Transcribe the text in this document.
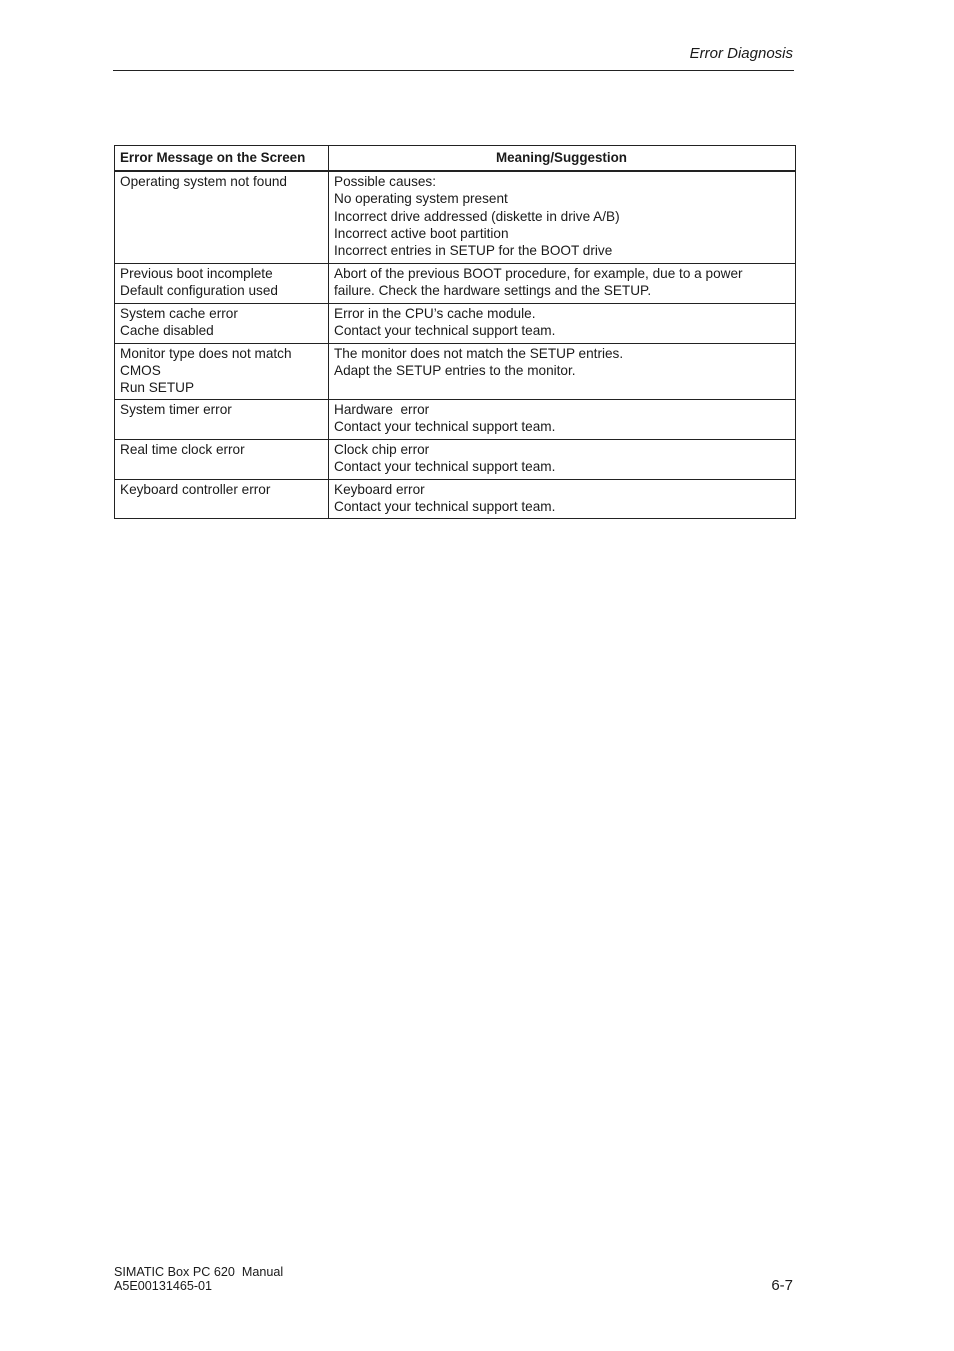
Error Diagnosis
Error Message on the Screen	Meaning/Suggestion

Operating system not found	Possible causes:
No operating system present
Incorrect drive addressed (diskette in drive A/B)
Incorrect active boot partition
Incorrect entries in SETUP for the BOOT drive

Previous boot incomplete
Default configuration used	Abort of the previous BOOT procedure, for example, due to a power
failure. Check the hardware settings and the SETUP.

System cache error
Cache disabled	Error in the CPU’s cache module.
Contact your technical support team.

Monitor type does not match
CMOS
Run SETUP	The monitor does not match the SETUP entries.
Adapt the SETUP entries to the monitor.

System timer error	Hardware  error
Contact your technical support team.

Real time clock error	Clock chip error
Contact your technical support team.

Keyboard controller error	Keyboard error
Contact your technical support team.
SIMATIC Box PC 620  Manual
A5E00131465-01	6-7
